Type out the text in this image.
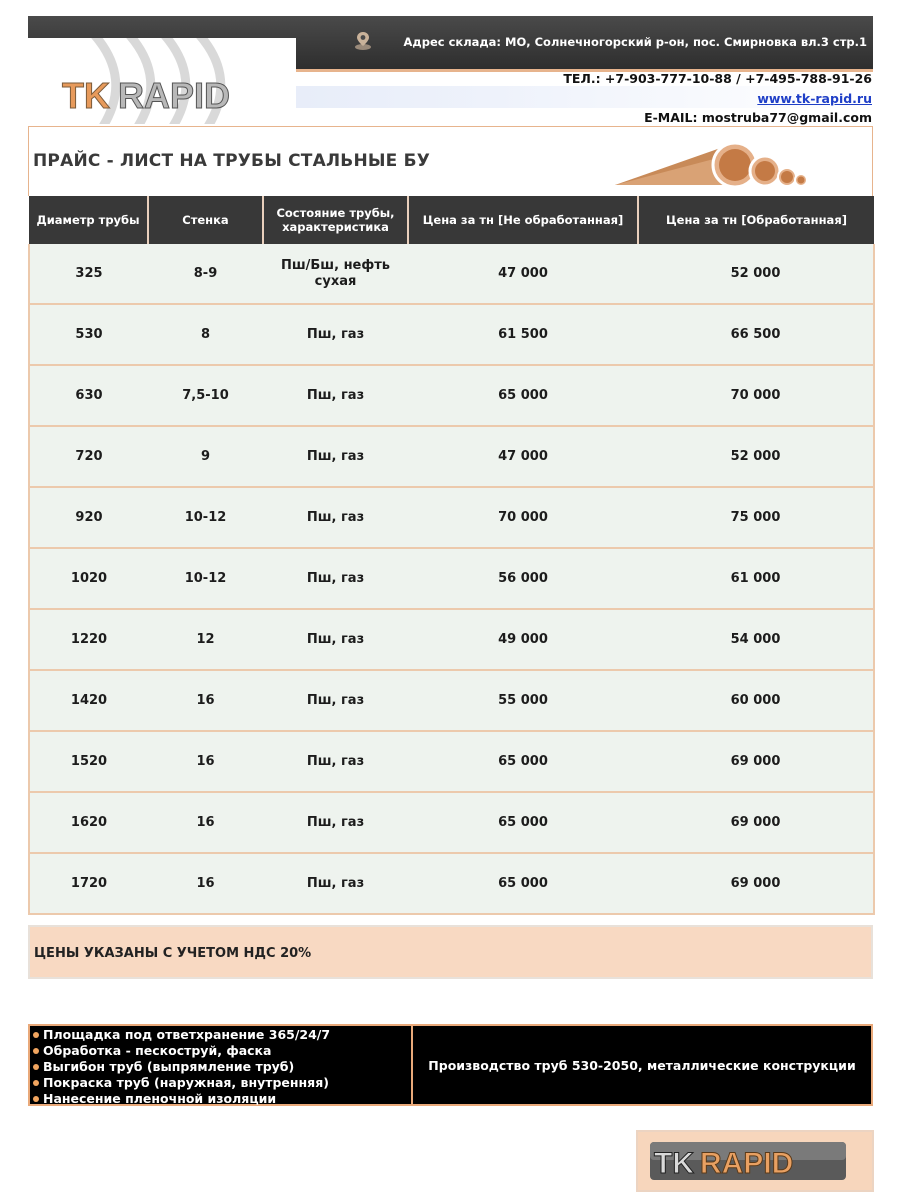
Адрес склада: МО, Солнечногорский р-он, пос. Смирновка вл.3 стр.1
TK RAPID	ТЕЛ.: +7-903-777-10-88 / +7-495-788-91-26
www.tk-rapid.ru
E-MAIL: mostruba77@gmail.com
ПРАЙС - ЛИСТ НА ТРУБЫ СТАЛЬНЫЕ БУ
Диаметр трубы	Стенка	Состояние трубы, характеристика	Цена за тн [Не обработанная]	Цена за тн [Обработанная]
325	8-9	Пш/Бш, нефть сухая	47 000	52 000
530	8	Пш, газ	61 500	66 500
630	7,5-10	Пш, газ	65 000	70 000
720	9	Пш, газ	47 000	52 000
920	10-12	Пш, газ	70 000	75 000
1020	10-12	Пш, газ	56 000	61 000
1220	12	Пш, газ	49 000	54 000
1420	16	Пш, газ	55 000	60 000
1520	16	Пш, газ	65 000	69 000
1620	16	Пш, газ	65 000	69 000
1720	16	Пш, газ	65 000	69 000
ЦЕНЫ УКАЗАНЫ С УЧЕТОМ НДС 20%
Площадка под ответхранение 365/24/7
Обработка - пескоструй, фаска
Выгибон труб (выпрямление труб)
Покраска труб (наружная, внутренняя)
Нанесение пленочной изоляции
Производство труб 530-2050, металлические конструкции
TK RAPID
